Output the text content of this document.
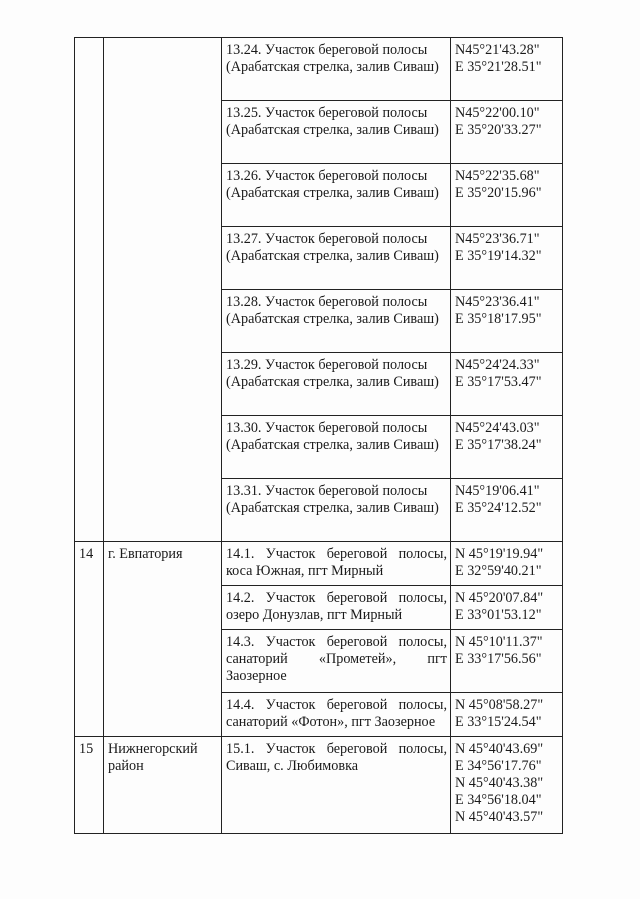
		13.24. Участок береговой полосы (Арабатская стрелка, залив Сиваш)	N45°21'43.28"
E 35°21'28.51"

		13.25. Участок береговой полосы (Арабатская стрелка, залив Сиваш)	N45°22'00.10"
E 35°20'33.27"

		13.26. Участок береговой полосы (Арабатская стрелка, залив Сиваш)	N45°22'35.68"
E 35°20'15.96"

		13.27. Участок береговой полосы (Арабатская стрелка, залив Сиваш)	N45°23'36.71"
E 35°19'14.32"

		13.28. Участок береговой полосы (Арабатская стрелка, залив Сиваш)	N45°23'36.41"
E 35°18'17.95"

		13.29. Участок береговой полосы (Арабатская стрелка, залив Сиваш)	N45°24'24.33"
E 35°17'53.47"

		13.30. Участок береговой полосы (Арабатская стрелка, залив Сиваш)	N45°24'43.03"
E 35°17'38.24"

		13.31. Участок береговой полосы (Арабатская стрелка, залив Сиваш)	N45°19'06.41"
E 35°24'12.52"

14	г. Евпатория	14.1. Участок береговой полосы, коса Южная, пгт Мирный	N 45°19'19.94"
E 32°59'40.21"

		14.2. Участок береговой полосы, озеро Донузлав, пгт Мирный	N 45°20'07.84"
E 33°01'53.12"

		14.3. Участок береговой полосы, санаторий «Прометей», пгт Заозерное	N 45°10'11.37"
E 33°17'56.56"

		14.4. Участок береговой полосы, санаторий «Фотон», пгт Заозерное	N 45°08'58.27"
E 33°15'24.54"

15	Нижнегорский район	15.1. Участок береговой полосы, Сиваш, с. Любимовка	N 45°40'43.69"
E 34°56'17.76"
N 45°40'43.38"
E 34°56'18.04"
N 45°40'43.57"
